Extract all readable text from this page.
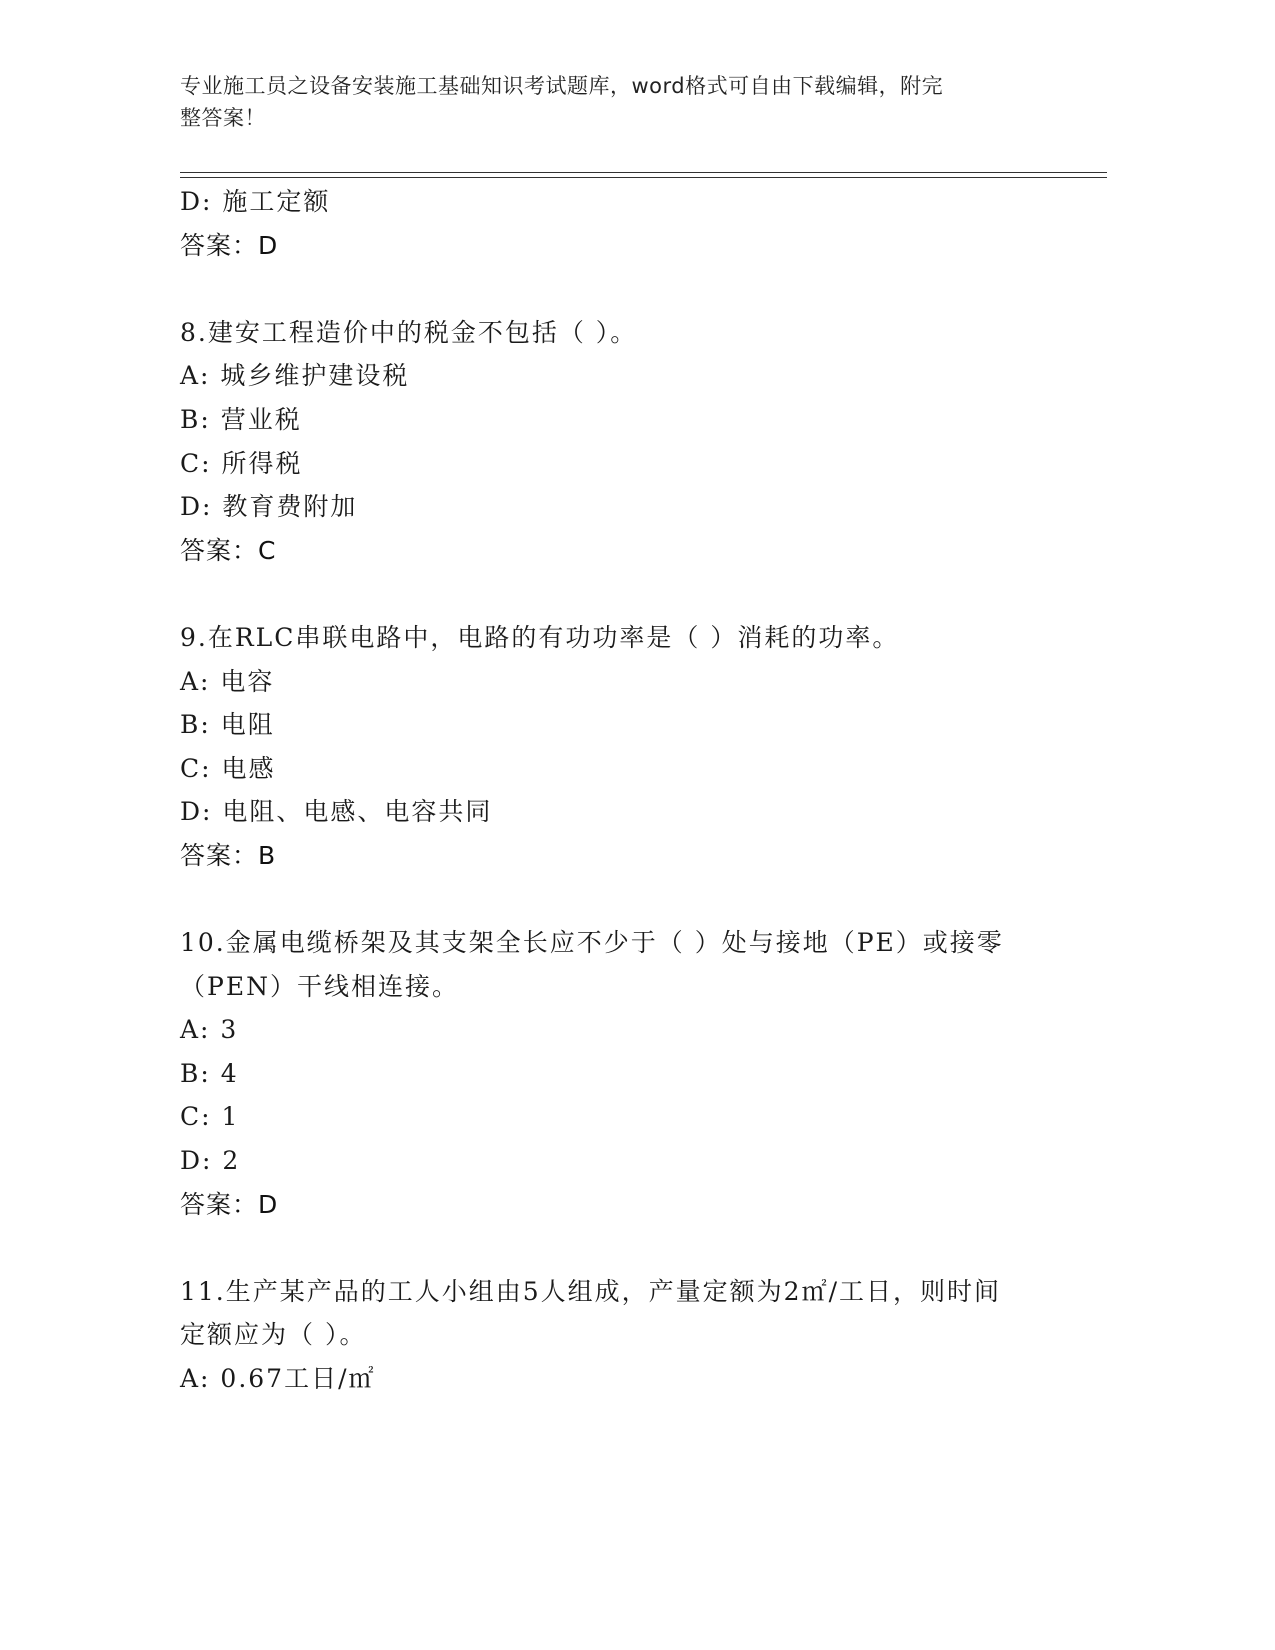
专业施工员之设备安装施工基础知识考试题库，word格式可自由下载编辑，附完
整答案！
D: 施工定额
答案：D
8.建安工程造价中的税金不包括（ ）。
A: 城乡维护建设税
B: 营业税
C: 所得税
D: 教育费附加
答案：C
9.在RLC串联电路中，电路的有功功率是（ ）消耗的功率。
A: 电容
B: 电阻
C: 电感
D: 电阻、电感、电容共同
答案：B
10.金属电缆桥架及其支架全长应不少于（ ）处与接地（PE）或接零
（PEN）干线相连接。
A: 3
B: 4
C: 1
D: 2
答案：D
11.生产某产品的工人小组由5人组成，产量定额为2㎡/工日，则时间
定额应为（ ）。
A: 0.67工日/㎡
